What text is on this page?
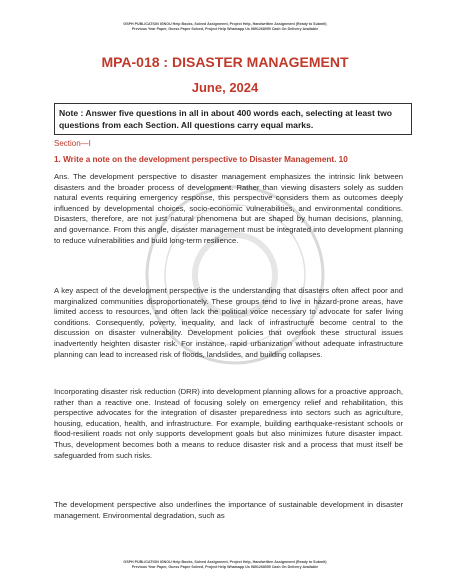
GSPH PUBLICATION IGNOU Help Books, Solved Assignment, Project Help, Handwritten Assignment (Ready to Submit)
Previous Year Paper, Guess Paper Solved, Project Help Whatsapp Us 9891268050 Cash On Delivery Available
MPA-018 : DISASTER MANAGEMENT
June, 2024
Note : Answer five questions in all in about 400 words each, selecting at least two questions from each Section. All questions carry equal marks.
Section—I
1. Write a note on the development perspective to Disaster Management. 10

Ans. The development perspective to disaster management emphasizes the intrinsic link between disasters and the broader process of development. Rather than viewing disasters solely as sudden natural events requiring emergency response, this perspective considers them as outcomes deeply influenced by developmental choices, socio-economic vulnerabilities, and environmental conditions. Disasters, therefore, are not just natural phenomena but are shaped by human decisions, planning, and governance. From this angle, disaster management must be integrated into development planning to reduce vulnerabilities and build long-term resilience.

A key aspect of the development perspective is the understanding that disasters often affect poor and marginalized communities disproportionately. These groups tend to live in hazard-prone areas, have limited access to resources, and often lack the political voice necessary to advocate for safer living conditions. Consequently, poverty, inequality, and lack of infrastructure become central to the discussion on disaster vulnerability. Development policies that overlook these structural issues inadvertently heighten disaster risk. For instance, rapid urbanization without adequate infrastructure planning can lead to increased risk of floods, landslides, and building collapses.

Incorporating disaster risk reduction (DRR) into development planning allows for a proactive approach, rather than a reactive one. Instead of focusing solely on emergency relief and rehabilitation, this perspective advocates for the integration of disaster preparedness into sectors such as agriculture, housing, education, health, and infrastructure. For example, building earthquake-resistant schools or flood-resilient roads not only supports development goals but also minimizes future disaster impact. Thus, development becomes both a means to reduce disaster risk and a process that must itself be safeguarded from such risks.

The development perspective also underlines the importance of sustainable development in disaster management. Environmental degradation, such as

GSPH PUBLICATION IGNOU Help Books, Solved Assignment, Project Help, Handwritten Assignment (Ready to Submit)
Previous Year Paper, Guess Paper Solved, Project Help Whatsapp Us 9891268050 Cash On Delivery Available
